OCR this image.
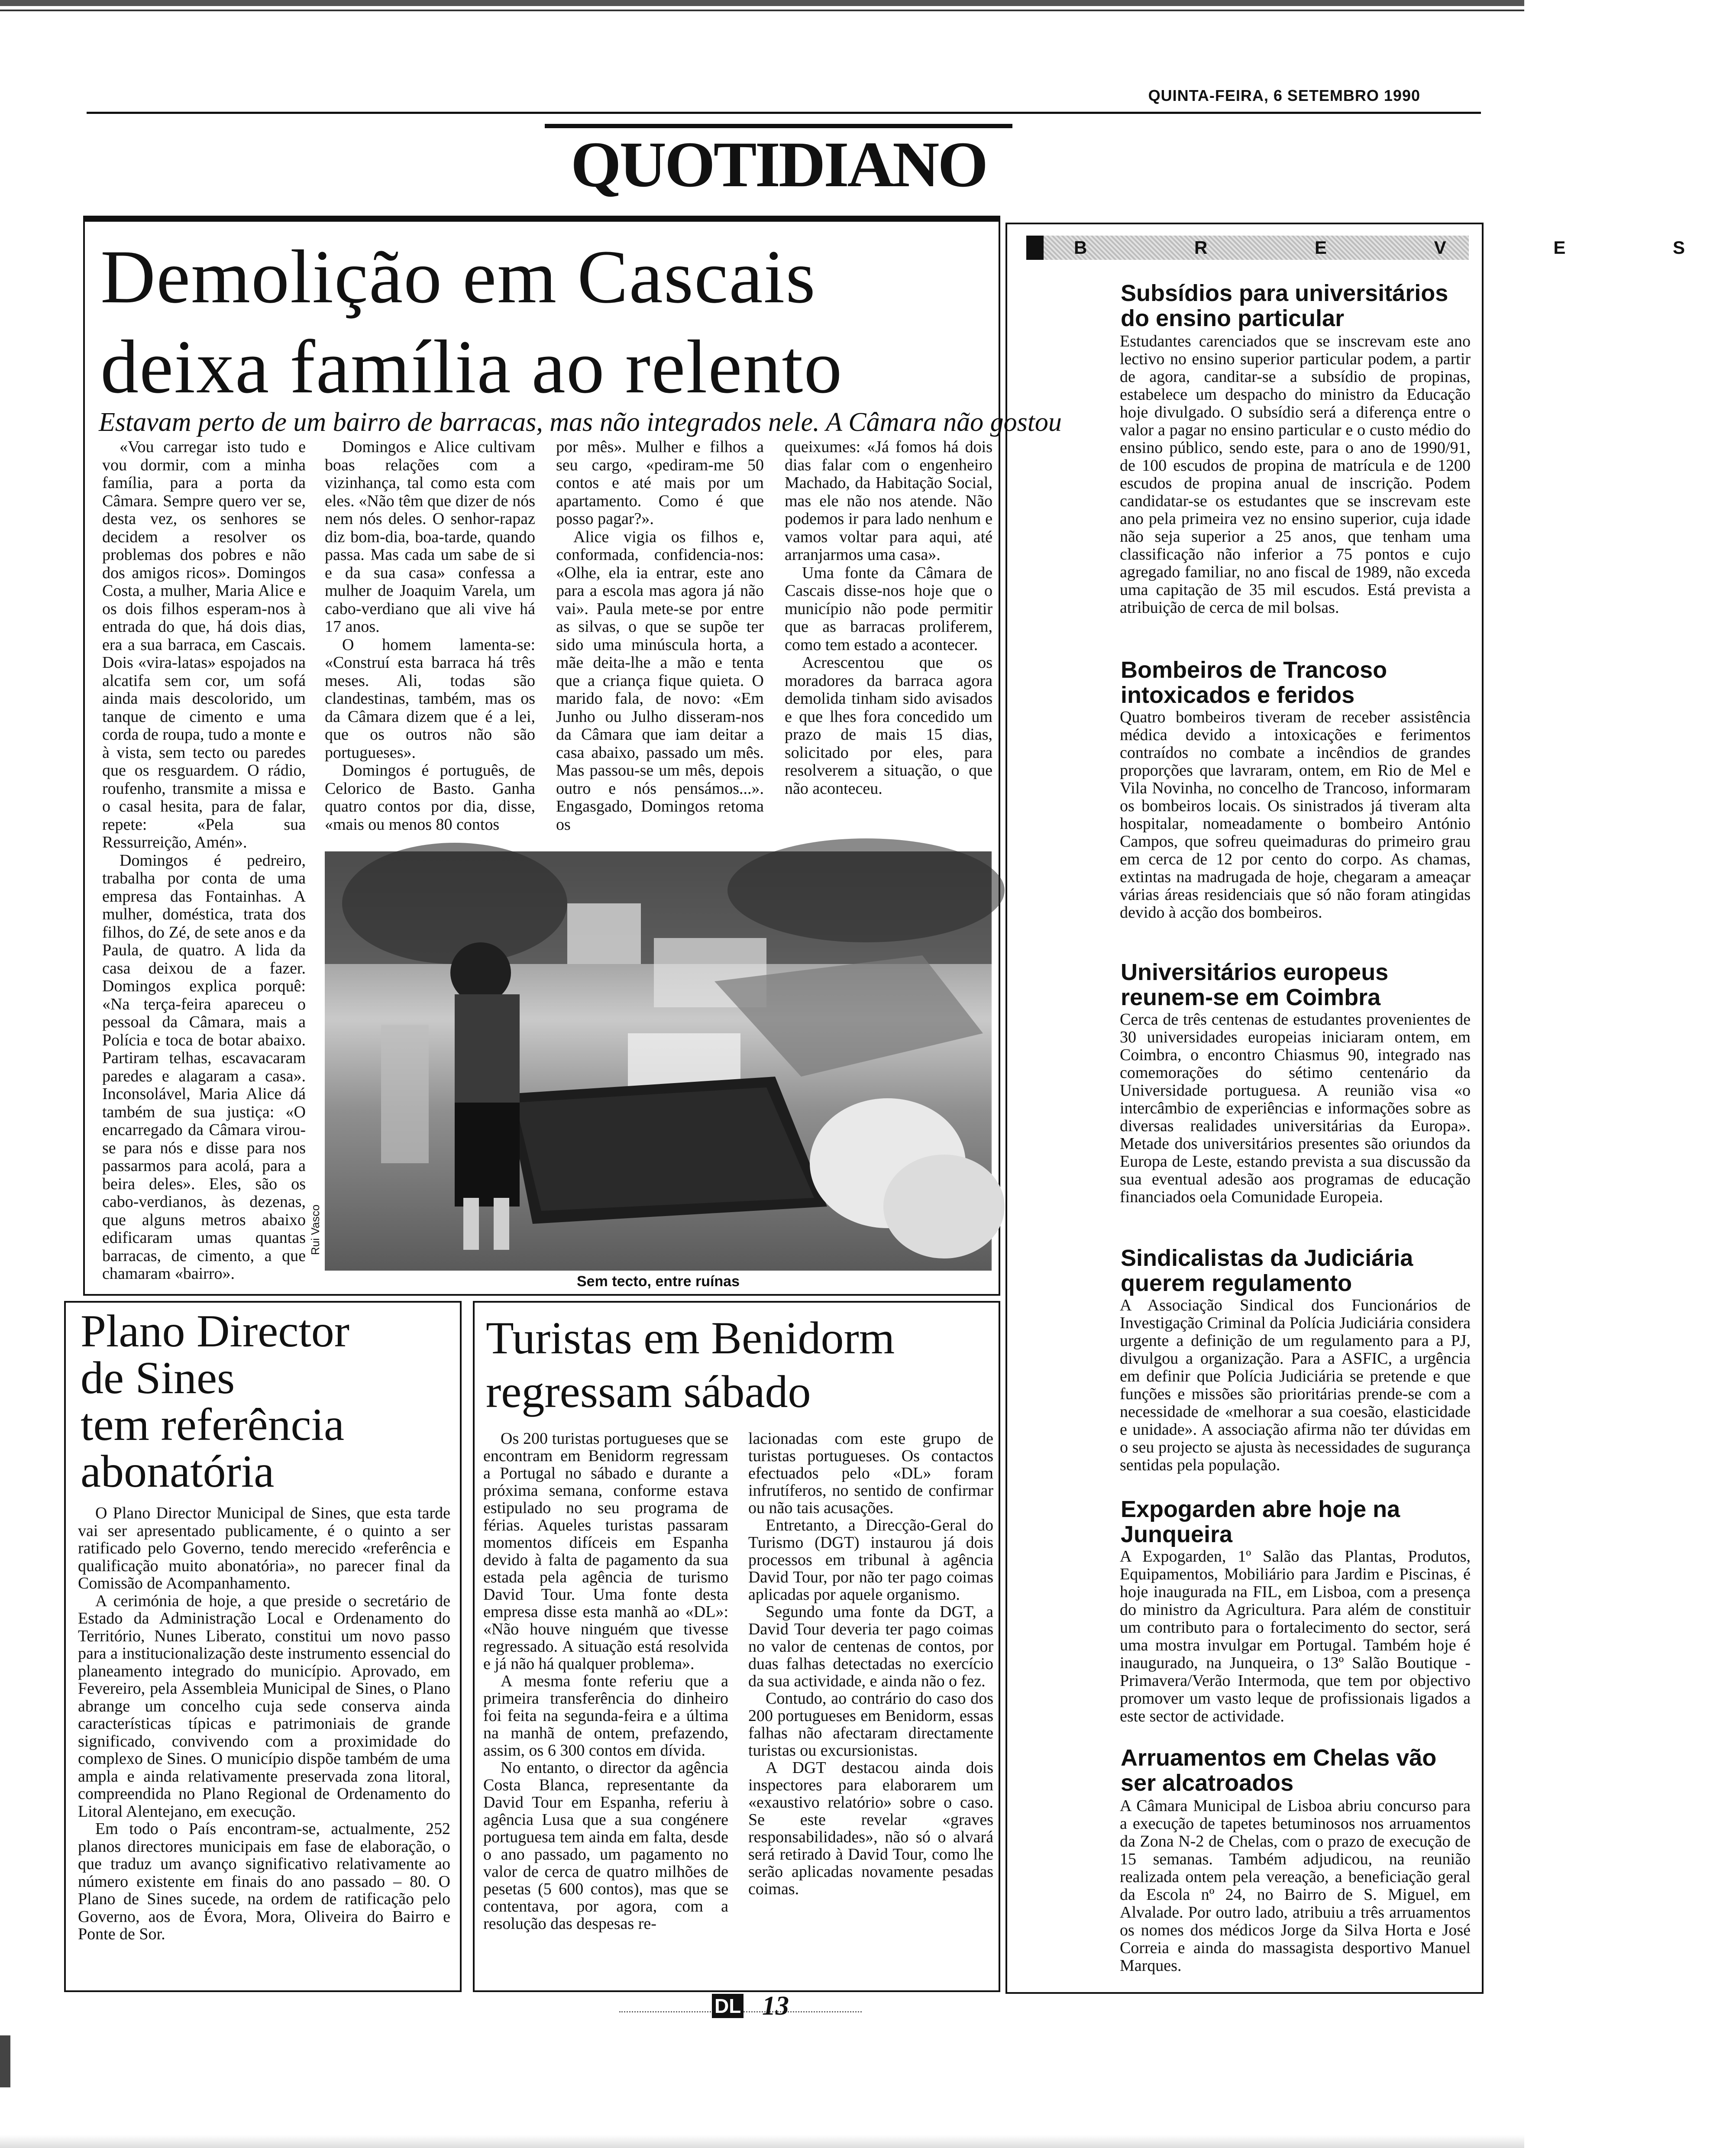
QUINTA-FEIRA, 6 SETEMBRO 1990
QUOTIDIANO
Demolição em Cascais
deixa família ao relento
Estavam perto de um bairro de barracas, mas não integrados nele. A Câmara não gostou

«Vou carregar isto tudo e vou dormir, com a minha família, para a porta da Câmara. Sempre quero ver se, desta vez, os senhores se decidem a resolver os problemas dos pobres e não dos amigos ricos». Domingos Costa, a mulher, Maria Alice e os dois filhos esperam-nos à entrada do que, há dois dias, era a sua barraca, em Cascais. Dois «vira-latas» espojados na alcatifa sem cor, um sofá ainda mais descolorido, um tanque de cimento e uma corda de roupa, tudo a monte e à vista, sem tecto ou paredes que os resguardem. O rádio, roufenho, transmite a missa e o casal hesita, para de falar, repete: «Pela sua Ressurreição, Amén».

Domingos é pedreiro, trabalha por conta de uma empresa das Fontainhas. A mulher, doméstica, trata dos filhos, do Zé, de sete anos e da Paula, de quatro. A lida da casa deixou de a fazer. Domingos explica porquê: «Na terça-feira apareceu o pessoal da Câmara, mais a Polícia e toca de botar abaixo. Partiram telhas, escavacaram paredes e alagaram a casa». Inconsolável, Maria Alice dá também de sua justiça: «O encarregado da Câmara virou-se para nós e disse para nos passarmos para acolá, para a beira deles». Eles, são os cabo-verdianos, às dezenas, que alguns metros abaixo edificaram umas quantas barracas, de cimento, a que chamaram «bairro».

Domingos e Alice cultivam boas relações com a vizinhança, tal como esta com eles. «Não têm que dizer de nós nem nós deles. O senhor-rapaz diz bom-dia, boa-tarde, quando passa. Mas cada um sabe de si e da sua casa» confessa a mulher de Joaquim Varela, um cabo-verdiano que ali vive há 17 anos.

O homem lamenta-se: «Construí esta barraca há três meses. Ali, todas são clandestinas, também, mas os da Câmara dizem que é a lei, que os outros não são portugueses».

Domingos é português, de Celorico de Basto. Ganha quatro contos por dia, disse, «mais ou menos 80 contos

por mês». Mulher e filhos a seu cargo, «pediram-me 50 contos e até mais por um apartamento. Como é que posso pagar?».

Alice vigia os filhos e, conformada, confidencia-nos: «Olhe, ela ia entrar, este ano para a escola mas agora já não vai». Paula mete-se por entre as silvas, o que se supõe ter sido uma minúscula horta, a mãe deita-lhe a mão e tenta que a criança fique quieta. O marido fala, de novo: «Em Junho ou Julho disseram-nos da Câmara que iam deitar a casa abaixo, passado um mês. Mas passou-se um mês, depois outro e nós pensámos...». Engasgado, Domingos retoma os

queixumes: «Já fomos há dois dias falar com o engenheiro Machado, da Habitação Social, mas ele não nos atende. Não podemos ir para lado nenhum e vamos voltar para aqui, até arranjarmos uma casa».

Uma fonte da Câmara de Cascais disse-nos hoje que o município não pode permitir que as barracas proliferem, como tem estado a acontecer.

Acrescentou que os moradores da barraca agora demolida tinham sido avisados e que lhes fora concedido um prazo de mais 15 dias, solicitado por eles, para resolverem a situação, o que não aconteceu.

Rui Vasco
Sem tecto, entre ruínas
Plano Director
de Sines
tem referência
abonatória

O Plano Director Municipal de Sines, que esta tarde vai ser apresentado publicamente, é o quinto a ser ratificado pelo Governo, tendo merecido «referência e qualificação muito abonatória», no parecer final da Comissão de Acompanhamento.

A cerimónia de hoje, a que preside o secretário de Estado da Administração Local e Ordenamento do Território, Nunes Liberato, constitui um novo passo para a institucionalização deste instrumento essencial do planeamento integrado do município. Aprovado, em Fevereiro, pela Assembleia Municipal de Sines, o Plano abrange um concelho cuja sede conserva ainda características típicas e patrimoniais de grande significado, convivendo com a proximidade do complexo de Sines. O município dispõe também de uma ampla e ainda relativamente preservada zona litoral, compreendida no Plano Regional de Ordenamento do Litoral Alentejano, em execução.

Em todo o País encontram-se, actualmente, 252 planos directores municipais em fase de elaboração, o que traduz um avanço significativo relativamente ao número existente em finais do ano passado – 80. O Plano de Sines sucede, na ordem de ratificação pelo Governo, aos de Évora, Mora, Oliveira do Bairro e Ponte de Sor.

Turistas em Benidorm
regressam sábado

Os 200 turistas portugueses que se encontram em Benidorm regressam a Portugal no sábado e durante a próxima semana, conforme estava estipulado no seu programa de férias. Aqueles turistas passaram momentos difíceis em Espanha devido à falta de pagamento da sua estada pela agência de turismo David Tour. Uma fonte desta empresa disse esta manhã ao «DL»: «Não houve ninguém que tivesse regressado. A situação está resolvida e já não há qualquer problema».

A mesma fonte referiu que a primeira transferência do dinheiro foi feita na segunda-feira e a última na manhã de ontem, prefazendo, assim, os 6 300 contos em dívida.

No entanto, o director da agência Costa Blanca, representante da David Tour em Espanha, referiu à agência Lusa que a sua congénere portuguesa tem ainda em falta, desde o ano passado, um pagamento no valor de cerca de quatro milhões de pesetas (5 600 contos), mas que se contentava, por agora, com a resolução das despesas re-

lacionadas com este grupo de turistas portugueses. Os contactos efectuados pelo «DL» foram infrutíferos, no sentido de confirmar ou não tais acusações.

Entretanto, a Direcção-Geral do Turismo (DGT) instaurou já dois processos em tribunal à agência David Tour, por não ter pago coimas aplicadas por aquele organismo.

Segundo uma fonte da DGT, a David Tour deveria ter pago coimas no valor de centenas de contos, por duas falhas detectadas no exercício da sua actividade, e ainda não o fez.

Contudo, ao contrário do caso dos 200 portugueses em Benidorm, essas falhas não afectaram directamente turistas ou excursionistas.

A DGT destacou ainda dois inspectores para elaborarem um «exaustivo relatório» sobre o caso. Se este revelar «graves responsabilidades», não só o alvará será retirado à David Tour, como lhe serão aplicadas novamente pesadas coimas.

B R E V E S
Subsídios para universitários do ensino particular
Estudantes carenciados que se inscrevam este ano lectivo no ensino superior particular podem, a partir de agora, canditar-se a subsídio de propinas, estabelece um despacho do ministro da Educação hoje divulgado. O subsídio será a diferença entre o valor a pagar no ensino particular e o custo médio do ensino público, sendo este, para o ano de 1990/91, de 100 escudos de propina de matrícula e de 1200 escudos de propina anual de inscrição. Podem candidatar-se os estudantes que se inscrevam este ano pela primeira vez no ensino superior, cuja idade não seja superior a 25 anos, que tenham uma classificação não inferior a 75 pontos e cujo agregado familiar, no ano fiscal de 1989, não exceda uma capitação de 35 mil escudos. Está prevista a atribuição de cerca de mil bolsas.
Bombeiros de Trancoso intoxicados e feridos
Quatro bombeiros tiveram de receber assistência médica devido a intoxicações e ferimentos contraídos no combate a incêndios de grandes proporções que lavraram, ontem, em Rio de Mel e Vila Novinha, no concelho de Trancoso, informaram os bombeiros locais. Os sinistrados já tiveram alta hospitalar, nomeadamente o bombeiro António Campos, que sofreu queimaduras do primeiro grau em cerca de 12 por cento do corpo. As chamas, extintas na madrugada de hoje, chegaram a ameaçar várias áreas residenciais que só não foram atingidas devido à acção dos bombeiros.
Universitários europeus reunem-se em Coimbra
Cerca de três centenas de estudantes provenientes de 30 universidades europeias iniciaram ontem, em Coimbra, o encontro Chiasmus 90, integrado nas comemorações do sétimo centenário da Universidade portuguesa. A reunião visa «o intercâmbio de experiências e informações sobre as diversas realidades universitárias da Europa». Metade dos universitários presentes são oriundos da Europa de Leste, estando prevista a sua discussão da sua eventual adesão aos programas de educação financiados oela Comunidade Europeia.
Sindicalistas da Judiciária querem regulamento
A Associação Sindical dos Funcionários de Investigação Criminal da Polícia Judiciária considera urgente a definição de um regulamento para a PJ, divulgou a organização. Para a ASFIC, a urgência em definir que Polícia Judiciária se pretende e que funções e missões são prioritárias prende-se com a necessidade de «melhorar a sua coesão, elasticidade e unidade». A associação afirma não ter dúvidas em o seu projecto se ajusta às necessidades de sugurança sentidas pela população.
Expogarden abre hoje na Junqueira
A Expogarden, 1º Salão das Plantas, Produtos, Equipamentos, Mobiliário para Jardim e Piscinas, é hoje inaugurada na FIL, em Lisboa, com a presença do ministro da Agricultura. Para além de constituir um contributo para o fortalecimento do sector, será uma mostra invulgar em Portugal. Também hoje é inaugurado, na Junqueira, o 13º Salão Boutique - Primavera/Verão Intermoda, que tem por objectivo promover um vasto leque de profissionais ligados a este sector de actividade.
Arruamentos em Chelas vão ser alcatroados
A Câmara Municipal de Lisboa abriu concurso para a execução de tapetes betuminosos nos arruamentos da Zona N-2 de Chelas, com o prazo de execução de 15 semanas. Também adjudicou, na reunião realizada ontem pela vereação, a beneficiação geral da Escola nº 24, no Bairro de S. Miguel, em Alvalade. Por outro lado, atribuiu a três arruamentos os nomes dos médicos Jorge da Silva Horta e José Correia e ainda do massagista desportivo Manuel Marques.
DL 13
